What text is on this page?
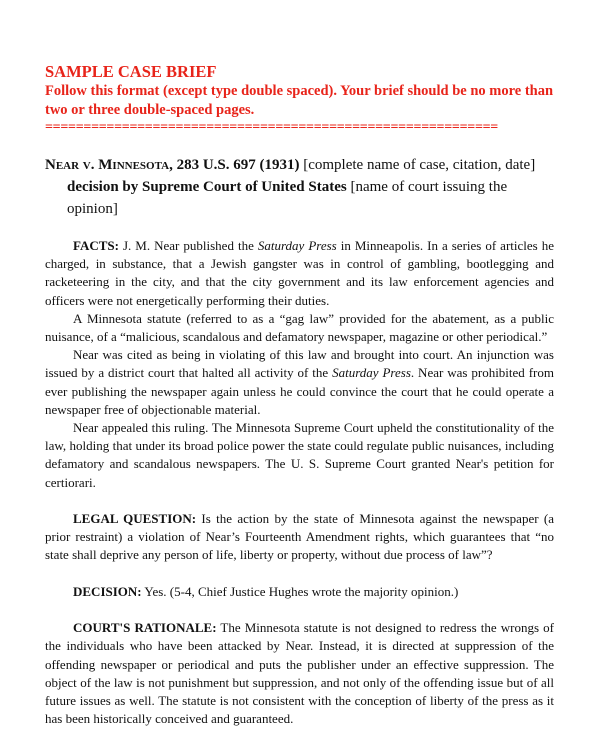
SAMPLE CASE BRIEF
Follow this format (except type double spaced). Your brief should be no more than
two or three double-spaced pages.
===========================================================
Near v. Minnesota, 283 U.S. 697 (1931) [complete name of case, citation, date]
decision by Supreme Court of United States [name of court issuing the opinion]

FACTS: J. M. Near published the Saturday Press in Minneapolis. In a series of articles he charged, in substance, that a Jewish gangster was in control of gambling, bootlegging and racketeering in the city, and that the city government and its law enforcement agencies and officers were not energetically performing their duties.

A Minnesota statute (referred to as a “gag law” provided for the abatement, as a public nuisance, of a “malicious, scandalous and defamatory newspaper, magazine or other periodical.”

Near was cited as being in violating of this law and brought into court. An injunction was issued by a district court that halted all activity of the Saturday Press. Near was prohibited from ever publishing the newspaper again unless he could convince the court that he could operate a newspaper free of objectionable material.

Near appealed this ruling. The Minnesota Supreme Court upheld the constitutionality of the law, holding that under its broad police power the state could regulate public nuisances, including defamatory and scandalous newspapers. The U. S. Supreme Court granted Near's petition for certiorari.

LEGAL QUESTION: Is the action by the state of Minnesota against the newspaper (a prior restraint) a violation of Near’s Fourteenth Amendment rights, which guarantees that “no state shall deprive any person of life, liberty or property, without due process of law”?

DECISION: Yes. (5-4, Chief Justice Hughes wrote the majority opinion.)

COURT'S RATIONALE: The Minnesota statute is not designed to redress the wrongs of the individuals who have been attacked by Near. Instead, it is directed at suppression of the offending newspaper or periodical and puts the publisher under an effective suppression. The object of the law is not punishment but suppression, and not only of the offending issue but of all future issues as well. The statute is not consistent with the conception of liberty of the press as it has been historically conceived and guaranteed.
